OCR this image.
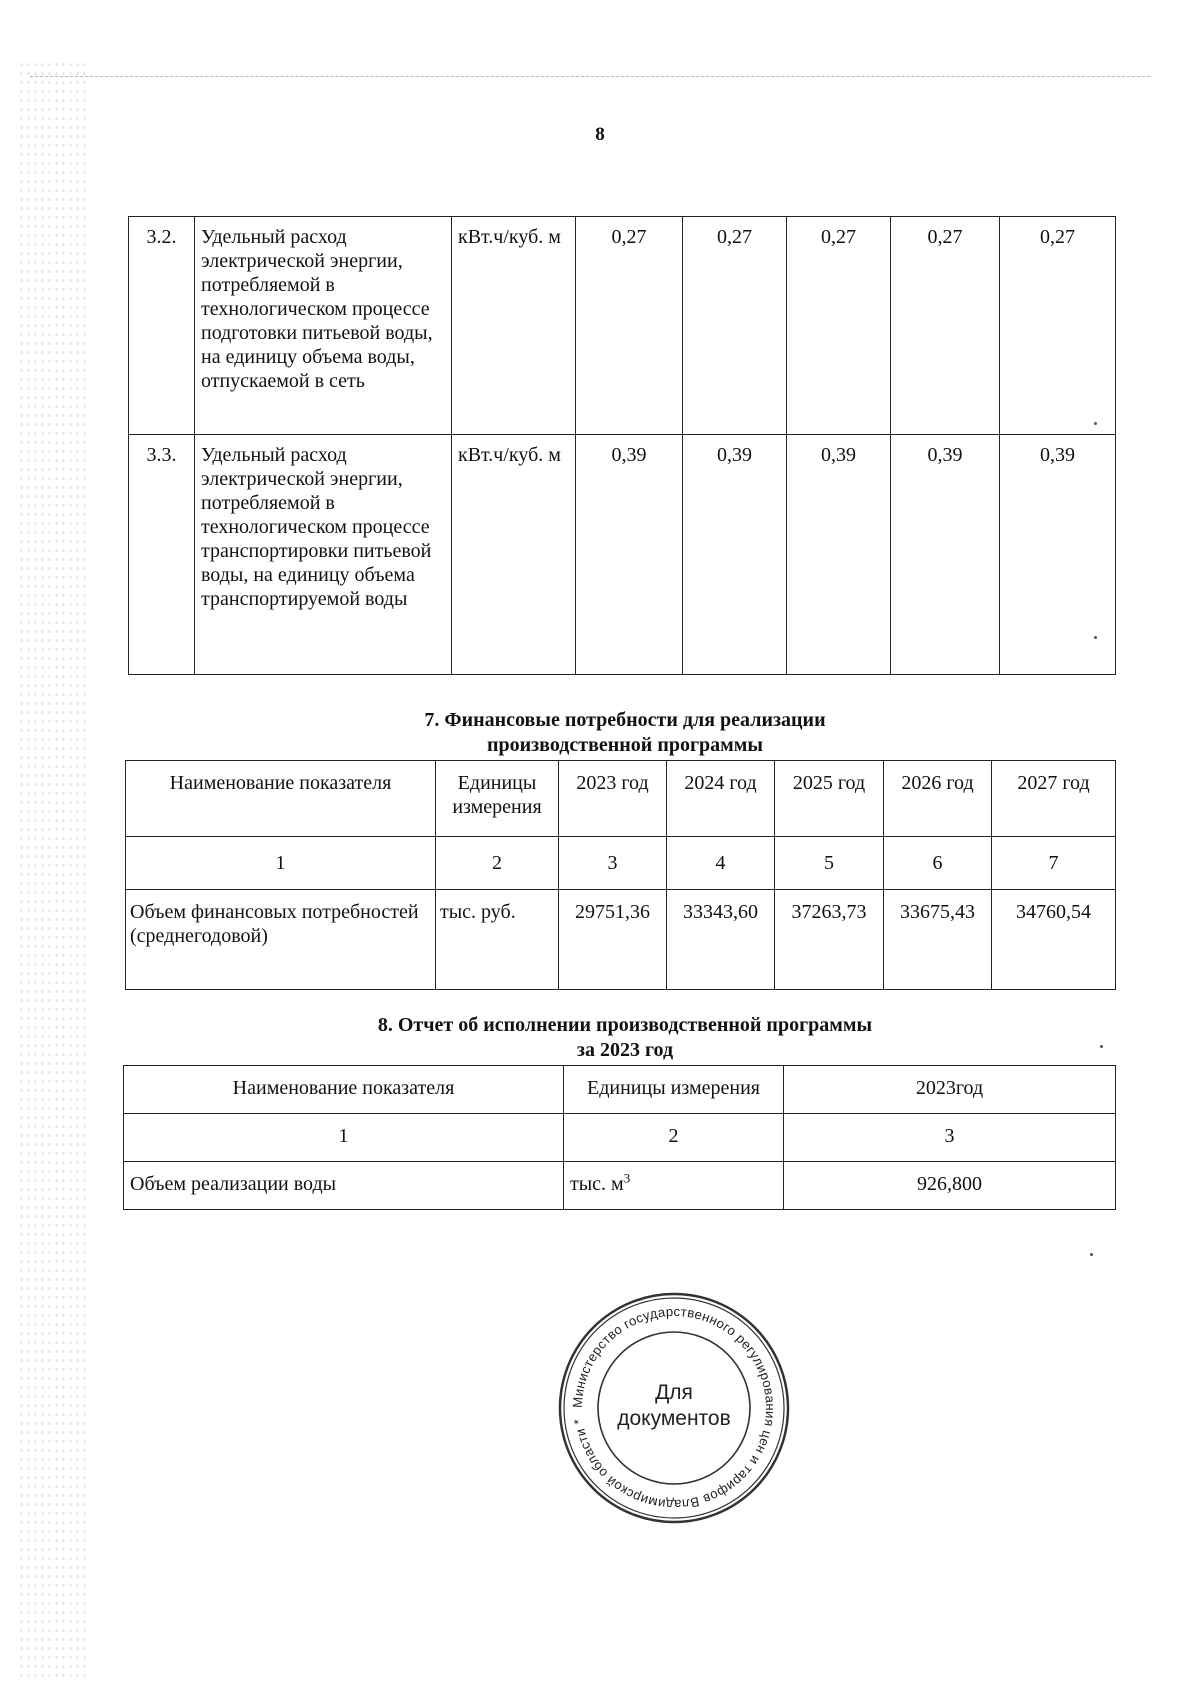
8
3.2.	Удельный расход электрической энергии, потребляемой в технологическом процессе подготовки питьевой воды, на единицу объема воды, отпускаемой в сеть	кВт.ч/куб. м	0,27	0,27	0,27	0,27	0,27
3.3.	Удельный расход электрической энергии, потребляемой в технологическом процессе транспортировки питьевой воды, на единицу объема транспортируемой воды	кВт.ч/куб. м	0,39	0,39	0,39	0,39	0,39
7. Финансовые потребности для реализации
производственной программы
Наименование показателя	Единицы измерения	2023 год	2024 год	2025 год	2026 год	2027 год
1	2	3	4	5	6	7
Объем финансовых потребностей (среднегодовой)	тыс. руб.	29751,36	33343,60	37263,73	33675,43	34760,54
8. Отчет об исполнении производственной программы
за 2023 год
Наименование показателя	Единицы измерения	2023год
1	2	3
Объем реализации воды	тыс. $м^3$	926,800
Министерство государственного регулирования цен и тарифов Владимирской области *
Для
документов
